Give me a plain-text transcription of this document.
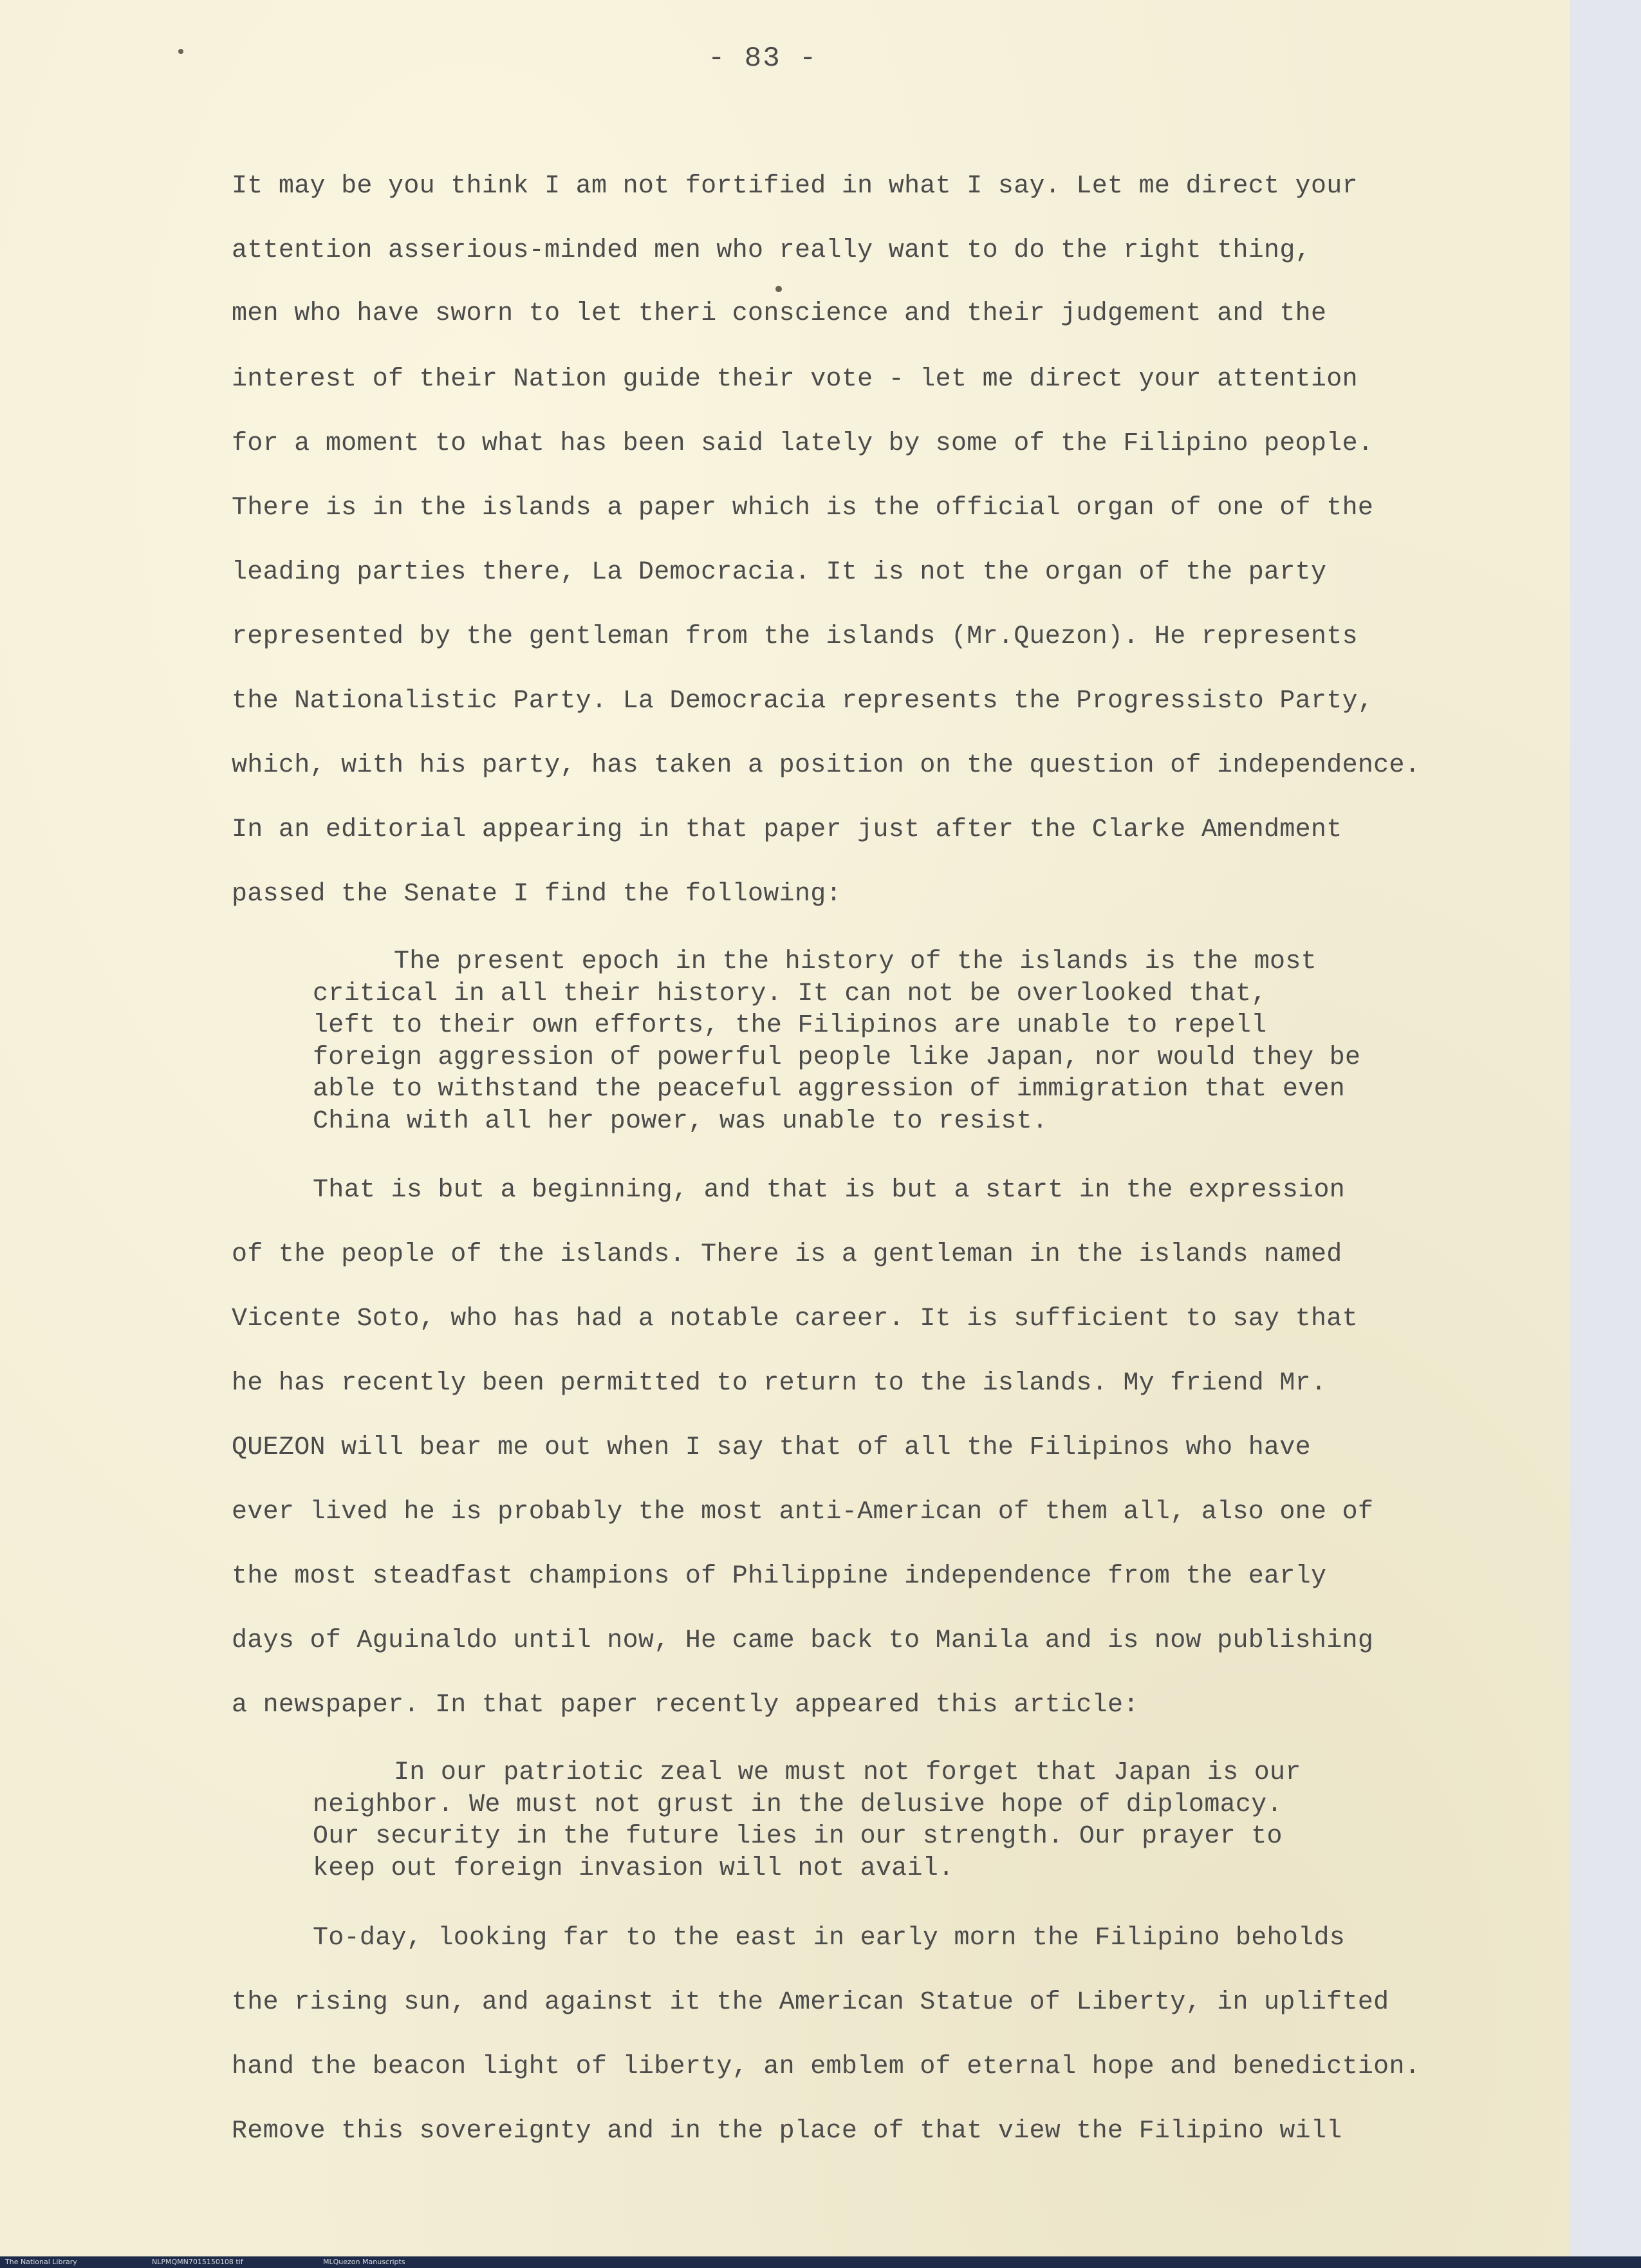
- 83 -
It may be you think I am not fortified in what I say. Let me direct your
attention asserious-minded men who really want to do the right thing,
men who have sworn to let theri conscience and their judgement and the
interest of their Nation guide their vote - let me direct your attention
for a moment to what has been said lately by some of the Filipino people.
There is in the islands a paper which is the official organ of one of the
leading parties there, La Democracia. It is not the organ of the party
represented by the gentleman from the islands (Mr.Quezon). He represents
the Nationalistic Party. La Democracia represents the Progressisto Party,
which, with his party, has taken a position on the question of independence.
In an editorial appearing in that paper just after the Clarke Amendment
passed the Senate I find the following:
The present epoch in the history of the islands is the most
critical in all their history. It can not be overlooked that,
left to their own efforts, the Filipinos are unable to repell
foreign aggression of powerful people like Japan, nor would they be
able to withstand the peaceful aggression of immigration that even
China with all her power, was unable to resist.
That is but a beginning, and that is but a start in the expression
of the people of the islands. There is a gentleman in the islands named
Vicente Soto, who has had a notable career. It is sufficient to say that
he has recently been permitted to return to the islands. My friend Mr.
QUEZON will bear me out when I say that of all the Filipinos who have
ever lived he is probably the most anti-American of them all, also one of
the most steadfast champions of Philippine independence from the early
days of Aguinaldo until now, He came back to Manila and is now publishing
a newspaper. In that paper recently appeared this article:
In our patriotic zeal we must not forget that Japan is our
neighbor. We must not grust in the delusive hope of diplomacy.
Our security in the future lies in our strength. Our prayer to
keep out foreign invasion will not avail.
To-day, looking far to the east in early morn the Filipino beholds
the rising sun, and against it the American Statue of Liberty, in uplifted
hand the beacon light of liberty, an emblem of eternal hope and benediction.
Remove this sovereignty and in the place of that view the Filipino will
The National Library	NLPMQMN7015150108 tif	MLQuezon Manuscripts
